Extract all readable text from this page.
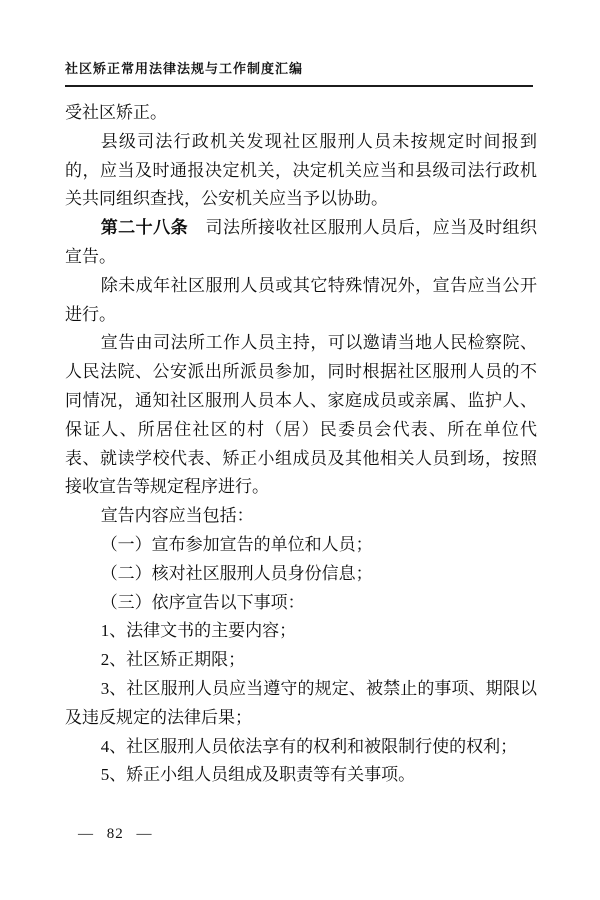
社区矫正常用法律法规与工作制度汇编

受社区矫正。

县级司法行政机关发现社区服刑人员未按规定时间报到的，应当及时通报决定机关，决定机关应当和县级司法行政机关共同组织查找，公安机关应当予以协助。

第二十八条　 司法所接收社区服刑人员后，应当及时组织宣告。

除未成年社区服刑人员或其它特殊情况外，宣告应当公开进行。

宣告由司法所工作人员主持，可以邀请当地人民检察院、人民法院、公安派出所派员参加，同时根据社区服刑人员的不同情况，通知社区服刑人员本人、家庭成员或亲属、监护人、保证人、所居住社区的村（居）民委员会代表、所在单位代表、就读学校代表、矫正小组成员及其他相关人员到场，按照接收宣告等规定程序进行。

宣告内容应当包括：

（一）宣布参加宣告的单位和人员；

（二）核对社区服刑人员身份信息；

（三）依序宣告以下事项：

1、法律文书的主要内容；

2、社区矫正期限；

3、社区服刑人员应当遵守的规定、被禁止的事项、期限以及违反规定的法律后果；

4、社区服刑人员依法享有的权利和被限制行使的权利；

5、矫正小组人员组成及职责等有关事项。

— 82 —
